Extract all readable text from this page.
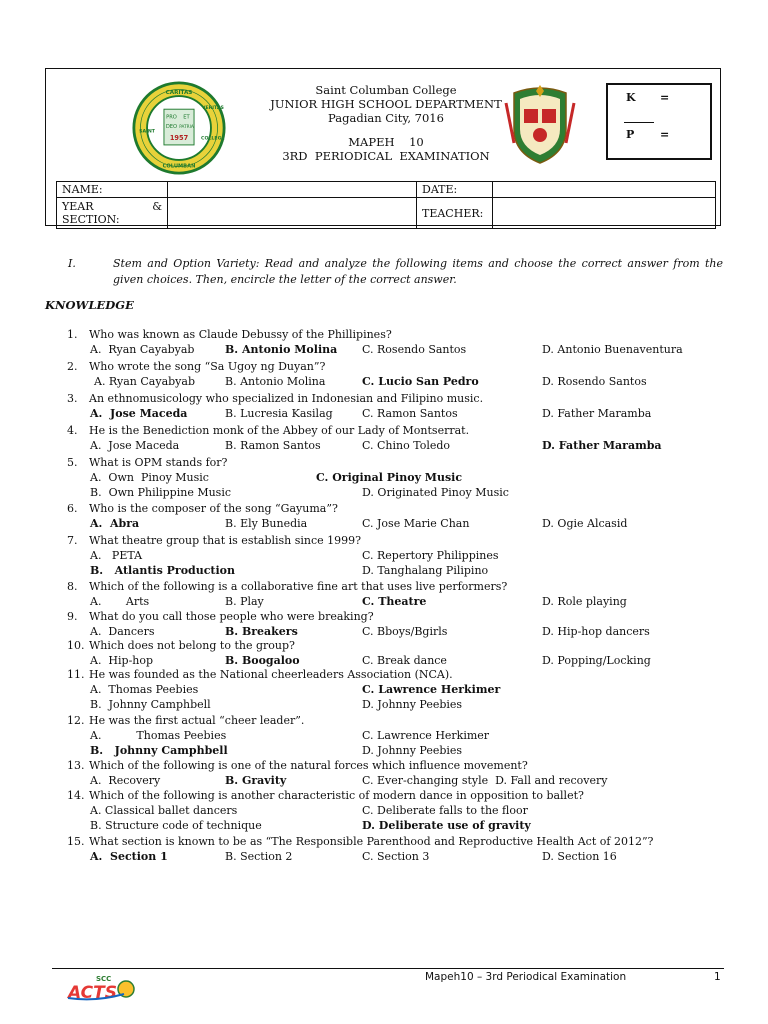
CARITAS
COLUMBAN
PRO ET
DEO PATRIA
1957
SAINT
VERITAS
COLLEGE
Saint Columban College
JUNIOR HIGH SCHOOL DEPARTMENT
Pagadian City, 7016
MAPEH    10
3RD  PERIODICAL  EXAMINATION
K =
P =
NAME:		DATE:	

YEAR &
SECTION:		TEACHER:	
I.	Stem and Option Variety: Read and analyze the following items and choose the correct answer from the given choices. Then, encircle the letter of the correct answer.
KNOWLEDGE
1. Who was known as Claude Debussy of the Phillipines?
A.  Ryan Cayabyab	B. Antonio Molina C. Rosendo Santos	D. Antonio Buenaventura
2. Who wrote the song “Sa Ugoy ng Duyan”?
A. Ryan Cayabyab	B. Antonio Molina	C. Lucio San Pedro	D. Rosendo Santos
3. An ethnomusicology who specialized in Indonesian and Filipino music.
A.  Jose Maceda	B. Lucresia Kasilag	C. Ramon Santos	D. Father Maramba
4. He is the Benediction monk of the Abbey of our Lady of Montserrat.
A.  Jose Maceda	B. Ramon Santos	C. Chino Toledo	D. Father Maramba
5. What is OPM stands for?
A.  Own  Pinoy Music	C. Original Pinoy Music
B.  Own Philippine Music	D. Originated Pinoy Music
6. Who is the composer of the song “Gayuma”?
A.  Abra	B. Ely Bunedia	C. Jose Marie Chan	D. Ogie Alcasid
7. What theatre group that is establish since 1999?
A.   PETA	C. Repertory Philippines
B.   Atlantis Production	D. Tanghalang Pilipino
8. Which of the following is a collaborative fine art that uses live performers?
A.       Arts	B. Play	C. Theatre	D. Role playing
9. What do you call those people who were breaking?
A.  Dancers	B. Breakers	C. Bboys/Bgirls	D. Hip-hop dancers
10. Which does not belong to the group?
A.  Hip-hop	B. Boogaloo	C. Break dance	D. Popping/Locking
11. He was founded as the National cheerleaders Association (NCA).
A.  Thomas Peebies	C. Lawrence Herkimer
B.  Johnny Camphbell	D. Johnny Peebies
12. He was the first actual “cheer leader”.
A.          Thomas Peebies	C. Lawrence Herkimer
B.   Johnny Camphbell	D. Johnny Peebies
13. Which of the following is one of the natural forces which influence movement?
A.  Recovery	B. Gravity	C. Ever-changing style  D. Fall and recovery
14. Which of the following is another characteristic of modern dance in opposition to ballet?
A. Classical ballet dancers	C. Deliberate falls to the floor
B. Structure code of technique	D. Deliberate use of gravity
15. What section is known to be as “The Responsible Parenthood and Reproductive Health Act of 2012”?
A.  Section 1	B. Section 2	C. Section 3	D. Section 16
SCC
ACTS
Mapeh10 – 3rd Periodical Examination	1
